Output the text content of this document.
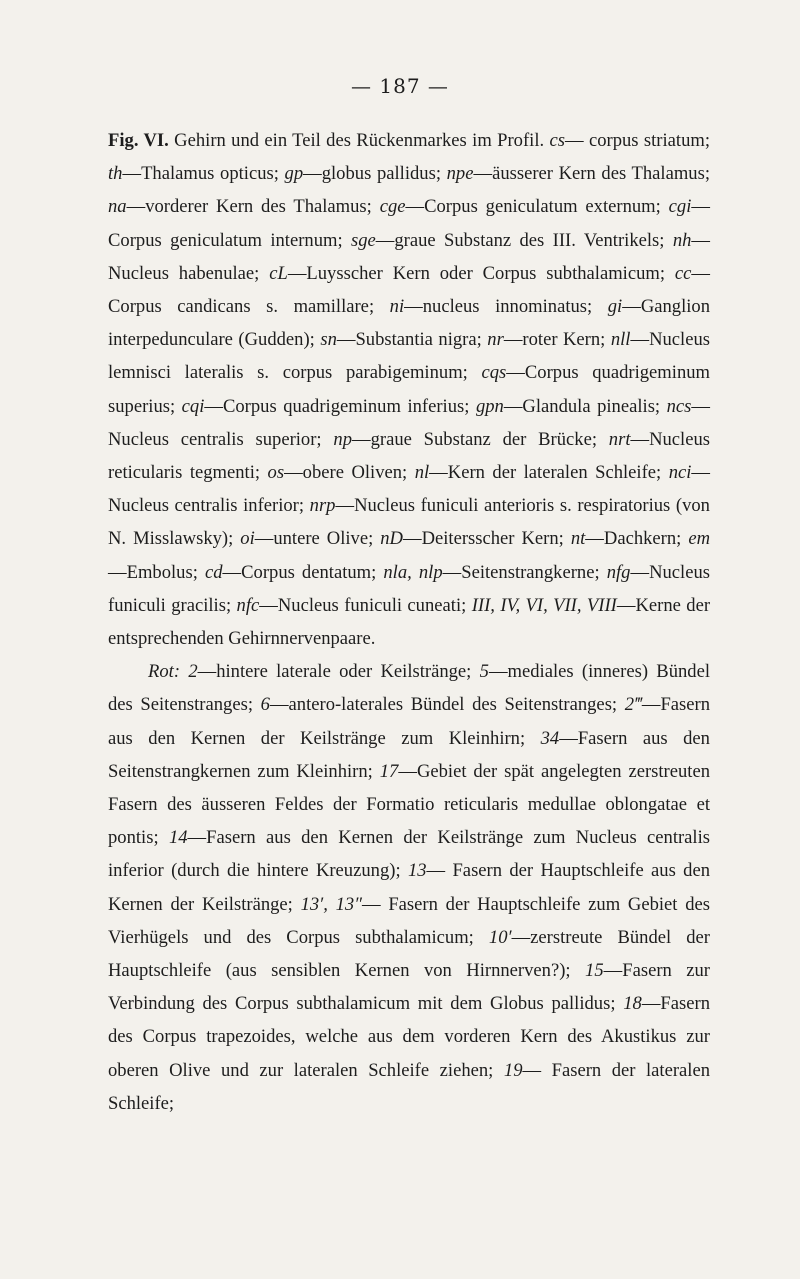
— 187 —

Fig. VI. Gehirn und ein Teil des Rückenmarkes im Profil. cs— corpus striatum; th—Thalamus opticus; gp—globus pallidus; npe—äusserer Kern des Thalamus; na—vorderer Kern des Thalamus; cge—Corpus geniculatum externum; cgi—Corpus geniculatum internum; sge—graue Substanz des III. Ventrikels; nh—Nucleus habenulae; cL—Luysscher Kern oder Corpus subthalamicum; cc—Corpus candicans s. mamillare; ni—nucleus innominatus; gi—Ganglion interpedunculare (Gudden); sn—Substantia nigra; nr—roter Kern; nll—Nucleus lemnisci lateralis s. corpus parabigeminum; cqs—Corpus quadrigeminum superius; cqi—Corpus quadrigeminum inferius; gpn—Glandula pinealis; ncs—Nucleus centralis superior; np—graue Substanz der Brücke; nrt—Nucleus reticularis tegmenti; os—obere Oliven; nl—Kern der lateralen Schleife; nci—Nucleus centralis inferior; nrp—Nucleus funiculi anterioris s. respiratorius (von N. Misslawsky); oi—untere Olive; nD—Deitersscher Kern; nt—Dachkern; em—Embolus; cd—Corpus dentatum; nla, nlp—Seitenstrangkerne; nfg—Nucleus funiculi gracilis; nfc—Nucleus funiculi cuneati; III, IV, VI, VII, VIII—Kerne der entsprechenden Gehirnnervenpaare.

Rot: 2—hintere laterale oder Keilstränge; 5—mediales (inneres) Bündel des Seitenstranges; 6—antero-laterales Bündel des Seitenstranges; 2‴—Fasern aus den Kernen der Keilstränge zum Kleinhirn; 34—Fasern aus den Seitenstrangkernen zum Kleinhirn; 17—Gebiet der spät angelegten zerstreuten Fasern des äusseren Feldes der Formatio reticularis medullae oblongatae et pontis; 14—Fasern aus den Kernen der Keilstränge zum Nucleus centralis inferior (durch die hintere Kreuzung); 13— Fasern der Hauptschleife aus den Kernen der Keilstränge; 13′, 13″— Fasern der Hauptschleife zum Gebiet des Vierhügels und des Corpus subthalamicum; 10′—zerstreute Bündel der Hauptschleife (aus sensiblen Kernen von Hirnnerven?); 15—Fasern zur Verbindung des Corpus subthalamicum mit dem Globus pallidus; 18—Fasern des Corpus trapezoides, welche aus dem vorderen Kern des Akustikus zur oberen Olive und zur lateralen Schleife ziehen; 19— Fasern der lateralen Schleife;
